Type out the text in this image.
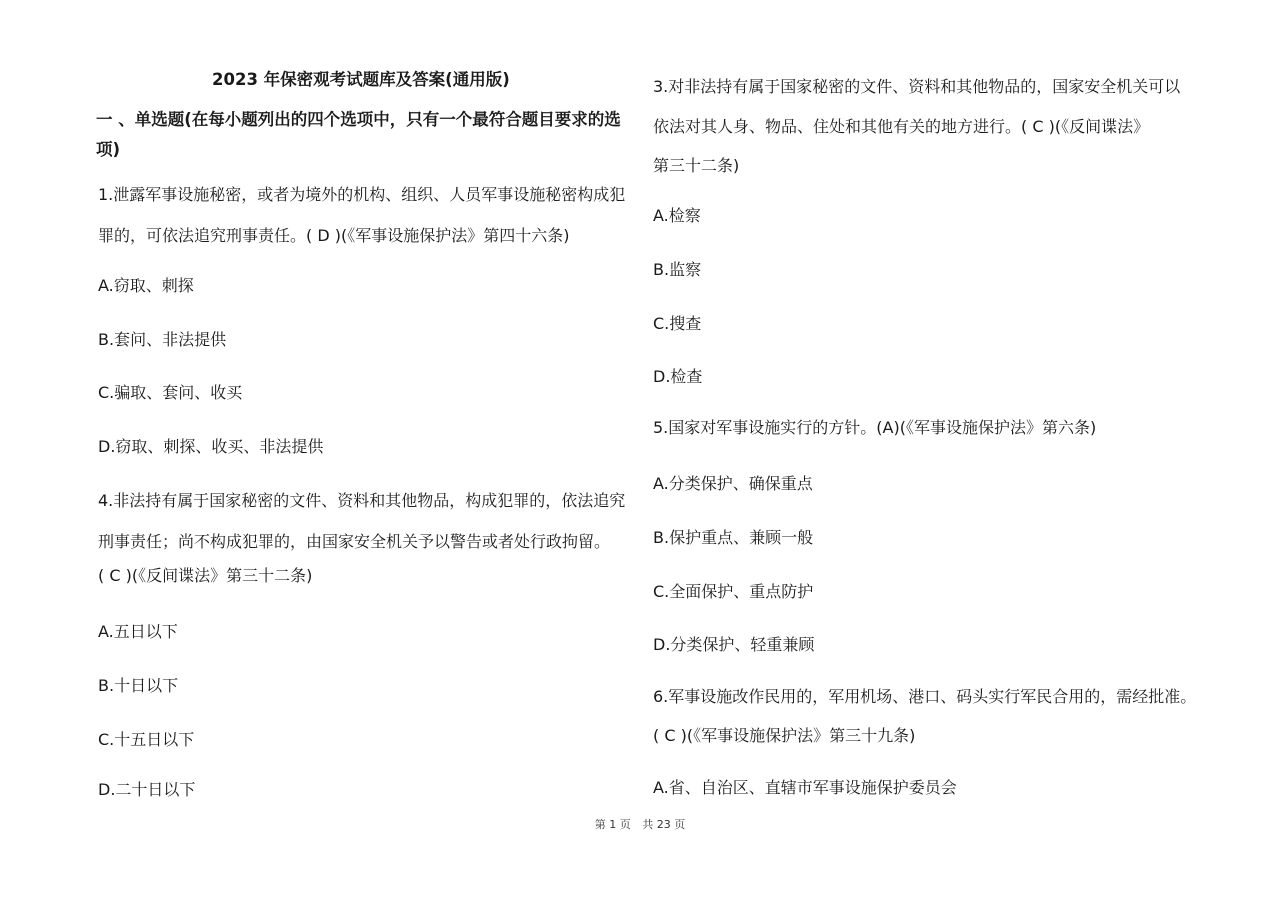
2023 年保密观考试题库及答案(通用版)
一 、单选题(在每小题列出的四个选项中，只有一个最符合题目要求的选
项)
1.泄露军事设施秘密，或者为境外的机构、组织、人员军事设施秘密构成犯
罪的，可依法追究刑事责任。( D )(《军事设施保护法》第四十六条)
A.窃取、刺探
B.套问、非法提供
C.骗取、套问、收买
D.窃取、刺探、收买、非法提供
4.非法持有属于国家秘密的文件、资料和其他物品，构成犯罪的，依法追究
刑事责任；尚不构成犯罪的，由国家安全机关予以警告或者处行政拘留。
( C )(《反间谍法》第三十二条)
A.五日以下
B.十日以下
C.十五日以下
D.二十日以下
3.对非法持有属于国家秘密的文件、资料和其他物品的，国家安全机关可以
依法对其人身、物品、住处和其他有关的地方进行。( C )(《反间谍法》
第三十二条)
A.检察
B.监察
C.搜查
D.检查
5.国家对军事设施实行的方针。(A)(《军事设施保护法》第六条)
A.分类保护、确保重点
B.保护重点、兼顾一般
C.全面保护、重点防护
D.分类保护、轻重兼顾
6.军事设施改作民用的，军用机场、港口、码头实行军民合用的，需经批准。
( C )(《军事设施保护法》第三十九条)
A.省、自治区、直辖市军事设施保护委员会
第 1 页 共 23 页
